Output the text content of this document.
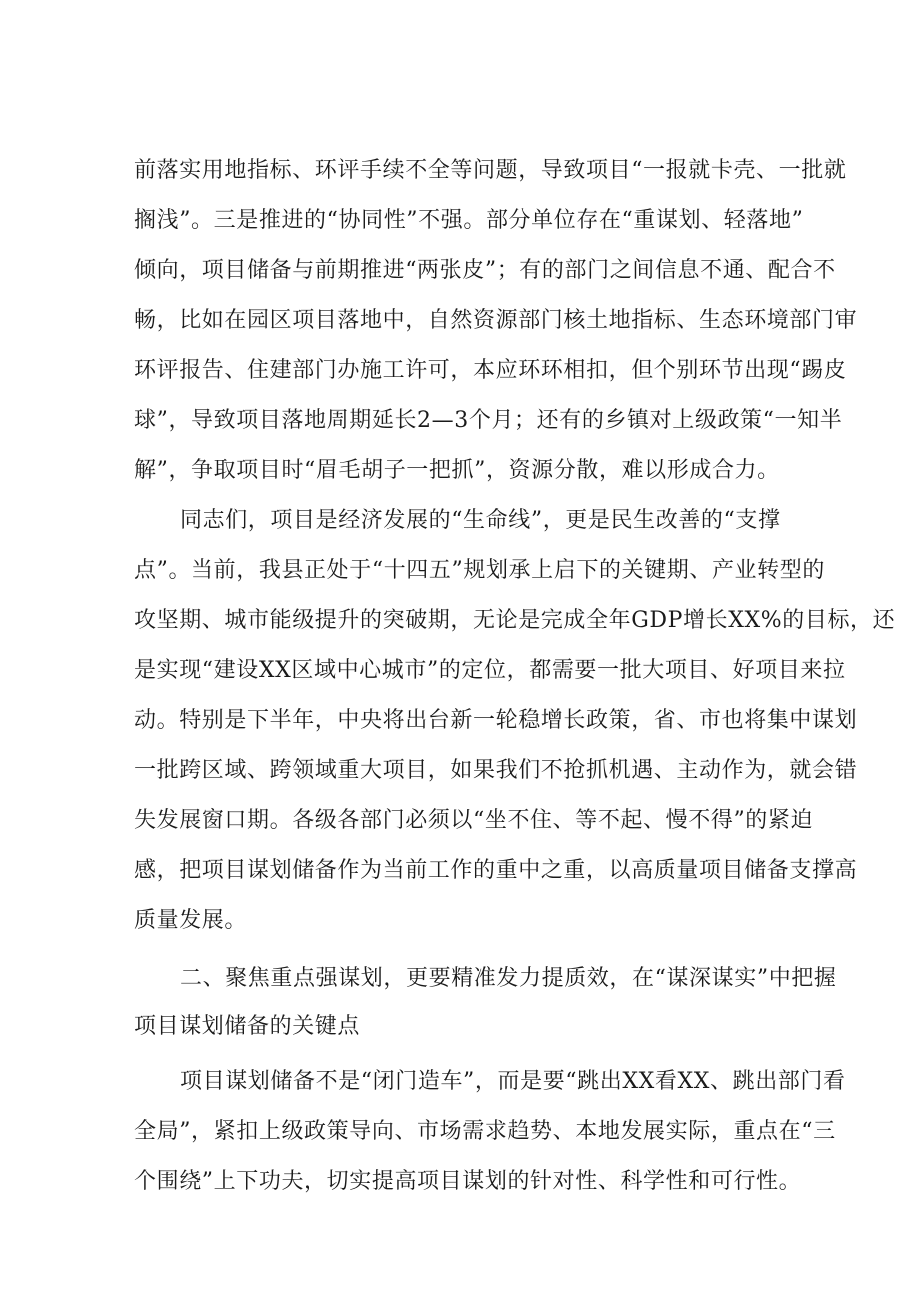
前落实用地指标、环评手续不全等问题，导致项目“一报就卡壳、一批就

搁浅”。三是推进的“协同性”不强。部分单位存在“重谋划、轻落地”

倾向，项目储备与前期推进“两张皮”；有的部门之间信息不通、配合不

畅，比如在园区项目落地中，自然资源部门核土地指标、生态环境部门审

环评报告、住建部门办施工许可，本应环环相扣，但个别环节出现“踢皮

球”，导致项目落地周期延长2—3个月；还有的乡镇对上级政策“一知半

解”，争取项目时“眉毛胡子一把抓”，资源分散，难以形成合力。

同志们，项目是经济发展的“生命线”，更是民生改善的“支撑

点”。当前，我县正处于“十四五”规划承上启下的关键期、产业转型的

攻坚期、城市能级提升的突破期，无论是完成全年GDP增长XX%的目标，还

是实现“建设XX区域中心城市”的定位，都需要一批大项目、好项目来拉

动。特别是下半年，中央将出台新一轮稳增长政策，省、市也将集中谋划

一批跨区域、跨领域重大项目，如果我们不抢抓机遇、主动作为，就会错

失发展窗口期。各级各部门必须以“坐不住、等不起、慢不得”的紧迫

感，把项目谋划储备作为当前工作的重中之重，以高质量项目储备支撑高

质量发展。

二、聚焦重点强谋划，更要精准发力提质效，在“谋深谋实”中把握

项目谋划储备的关键点

项目谋划储备不是“闭门造车”，而是要“跳出XX看XX、跳出部门看

全局”，紧扣上级政策导向、市场需求趋势、本地发展实际，重点在“三

个围绕”上下功夫，切实提高项目谋划的针对性、科学性和可行性。
